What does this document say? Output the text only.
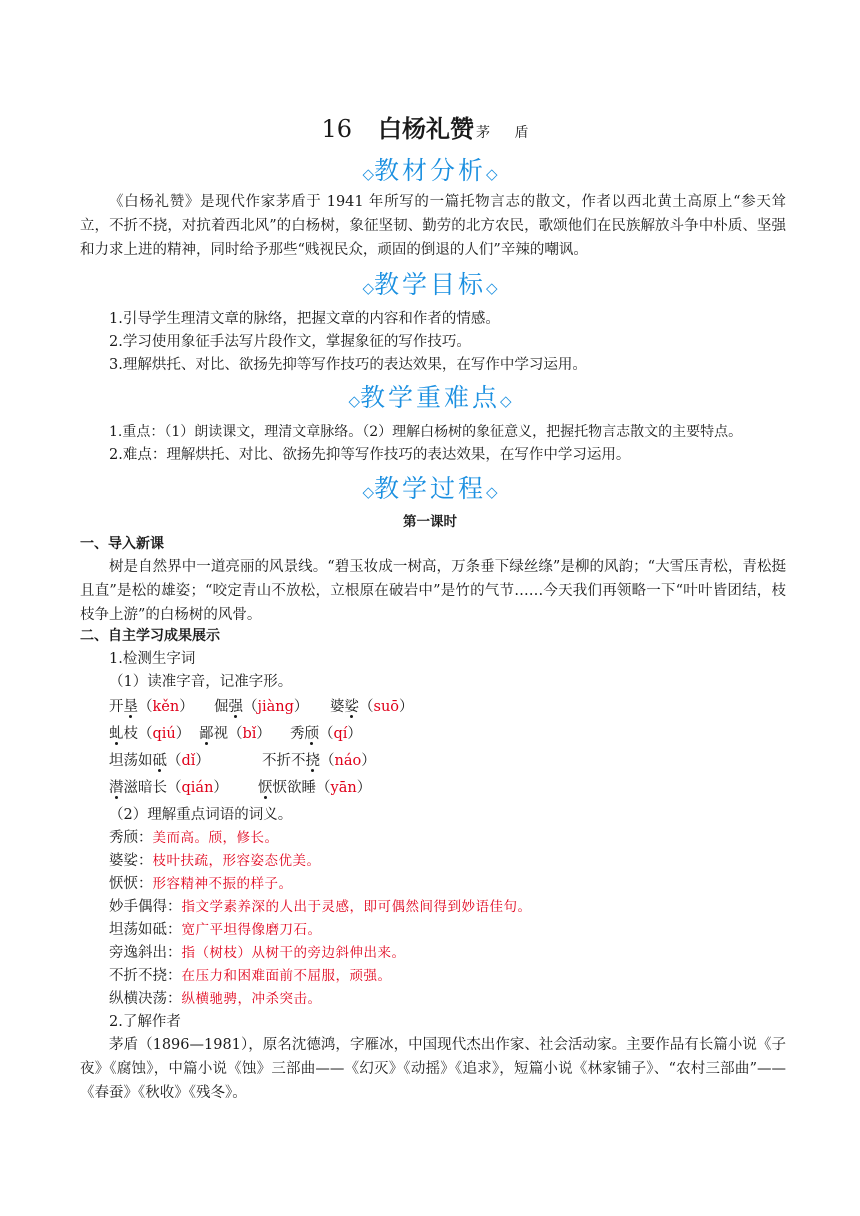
16 白杨礼赞 茅 盾
◇教材分析◇

《白杨礼赞》是现代作家茅盾于 1941 年所写的一篇托物言志的散文，作者以西北黄土高原上“参天耸立，不折不挠，对抗着西北风”的白杨树，象征坚韧、勤劳的北方农民，歌颂他们在民族解放斗争中朴质、坚强和力求上进的精神，同时给予那些“贱视民众，顽固的倒退的人们”辛辣的嘲讽。

◇教学目标◇
1.引导学生理清文章的脉络，把握文章的内容和作者的情感。
2.学习使用象征手法写片段作文，掌握象征的写作技巧。
3.理解烘托、对比、欲扬先抑等写作技巧的表达效果，在写作中学习运用。
◇教学重难点◇
1.重点：（1）朗读课文，理清文章脉络。（2）理解白杨树的象征意义，把握托物言志散文的主要特点。
2.难点：理解烘托、对比、欲扬先抑等写作技巧的表达效果，在写作中学习运用。
◇教学过程◇
第一课时
一、导入新课

树是自然界中一道亮丽的风景线。“碧玉妆成一树高，万条垂下绿丝绦”是柳的风韵；“大雪压青松，青松挺且直”是松的雄姿；“咬定青山不放松，立根原在破岩中”是竹的气节……今天我们再领略一下“叶叶皆团结，枝枝争上游”的白杨树的风骨。

二、自主学习成果展示
1.检测生字词
（1）读准字音，记准字形。
开垦（kěn） 倔强（jiàng） 婆娑（suō）
虬枝（qiú） 鄙视（bǐ） 秀颀（qí）
坦荡如砥（dǐ）	不折不挠（náo）
潜滋暗长（qián） 恹恹欲睡（yān）
（2）理解重点词语的词义。
秀颀：美而高。颀，修长。
婆娑：枝叶扶疏，形容姿态优美。
恹恹：形容精神不振的样子。
妙手偶得：指文学素养深的人出于灵感，即可偶然间得到妙语佳句。
坦荡如砥：宽广平坦得像磨刀石。
旁逸斜出：指（树枝）从树干的旁边斜伸出来。
不折不挠：在压力和困难面前不屈服，顽强。
纵横决荡：纵横驰骋，冲杀突击。
2.了解作者

茅盾（1896—1981），原名沈德鸿，字雁冰，中国现代杰出作家、社会活动家。主要作品有长篇小说《子夜》《腐蚀》，中篇小说《蚀》三部曲——《幻灭》《动摇》《追求》，短篇小说《林家铺子》、“农村三部曲”——《春蚕》《秋收》《残冬》。
